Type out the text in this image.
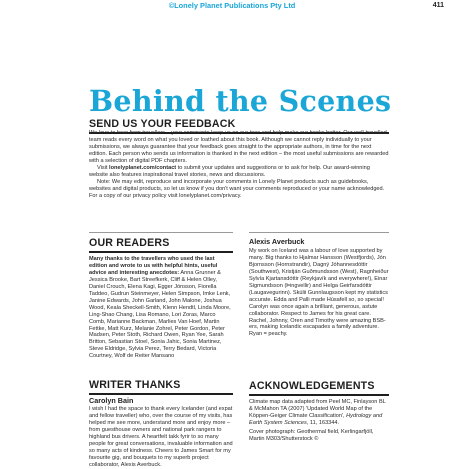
©Lonely Planet Publications Pty Ltd	411
Behind the Scenes
SEND US YOUR FEEDBACK

We love to hear from travellers – your comments keep us on our toes and help make our books better. Our well-travelled team reads every word on what you loved or loathed about this book. Although we cannot reply individually to your submissions, we always guarantee that your feedback goes straight to the appropriate authors, in time for the next edition. Each person who sends us information is thanked in the next edition – the most useful submissions are rewarded with a selection of digital PDF chapters.

Visit lonelyplanet.com/contact to submit your updates and suggestions or to ask for help. Our award-winning website also features inspirational travel stories, news and discussions.

Note: We may edit, reproduce and incorporate your comments in Lonely Planet products such as guidebooks, websites and digital products, so let us know if you don't want your comments reproduced or your name acknowledged. For a copy of our privacy policy visit lonelyplanet.com/privacy.

OUR READERS
Many thanks to the travellers who used the last edition and wrote to us with helpful hints, useful advice and interesting anecdotes: Anna Grunner & Jessica Brooke, Bart Streefkerk, Cliff & Helen Olley, Daniel Crouch, Elena Kagi, Egger Jónsson, Fiorella Taddeo, Gudrun Steinmeyer, Helen Simpson, Imke Lenk, Janine Edwards, John Garland, John Malone, Joshua Wood, Keala Sheckell-Smith, Klenn Hendtl, Linda Moore, Ling-Shao Chang, Lisa Romano, Lori Zoras, Marco Comb, Marianne Backman, Marlies Van Hoef, Martin Fettke, Matt Kurz, Melanie Zohrel, Peter Gordon, Peter Madsen, Peter Stoth, Richard Owen, Ryan Yee, Sarah Britton, Sebastian Stoel, Sonia Jahic, Sonia Martinez, Steve Eldridge, Sylvia Perez, Terry Bedard, Victoria Courtney, Wolf de Reiter Mansano
WRITER THANKS
Carolyn Bain
I wish I had the space to thank every Icelander (and expat and fellow traveller) who, over the course of my visits, has helped me see more, understand more and enjoy more – from guesthouse owners and national park rangers to highland bus drivers. A heartfelt takk fyrir to so many people for great conversations, invaluable information and so many acts of kindness. Cheers to James Smart for my favourite gig, and bouquets to my superb project collaborator, Alexis Averbuck.
Alexis Averbuck
My work on Iceland was a labour of love supported by many. Big thanks to Hjalmar Hansson (Westfjords), Jón Bjornsson (Hornstrandir), Dagný Jóhannesdóttir (Southwest), Kristján Guðmundsson (West), Ragnheiður Sylvía Kjartansdóttir (Reykjavík and everywhere!), Einar Sigmundsson (Þingvellir) and Helga Geirfarsdóttir (Laugavegurinn). Skúlii Gunnlaugsson kept my statistics accurate. Edda and Palli made Húsafell so, so special! Carolyn was once again a brilliant, generous, astute collaborator. Respect to James for his great care. Rachel, Johnny, Oren and Timothy were amazing BSB-ers, making Icelandic escapades a family adventure. Ryan = peachy.
ACKNOWLEDGEMENTS

Climate map data adapted from Peel MC, Finlayson BL & McMahon TA (2007) 'Updated World Map of the Köppen-Geiger Climate Classification', Hydrology and Earth System Sciences, 11, 163344.

Cover photograph: Geothermal field, Kerlingarfjöll, Martin M303/Shutterstock ©
